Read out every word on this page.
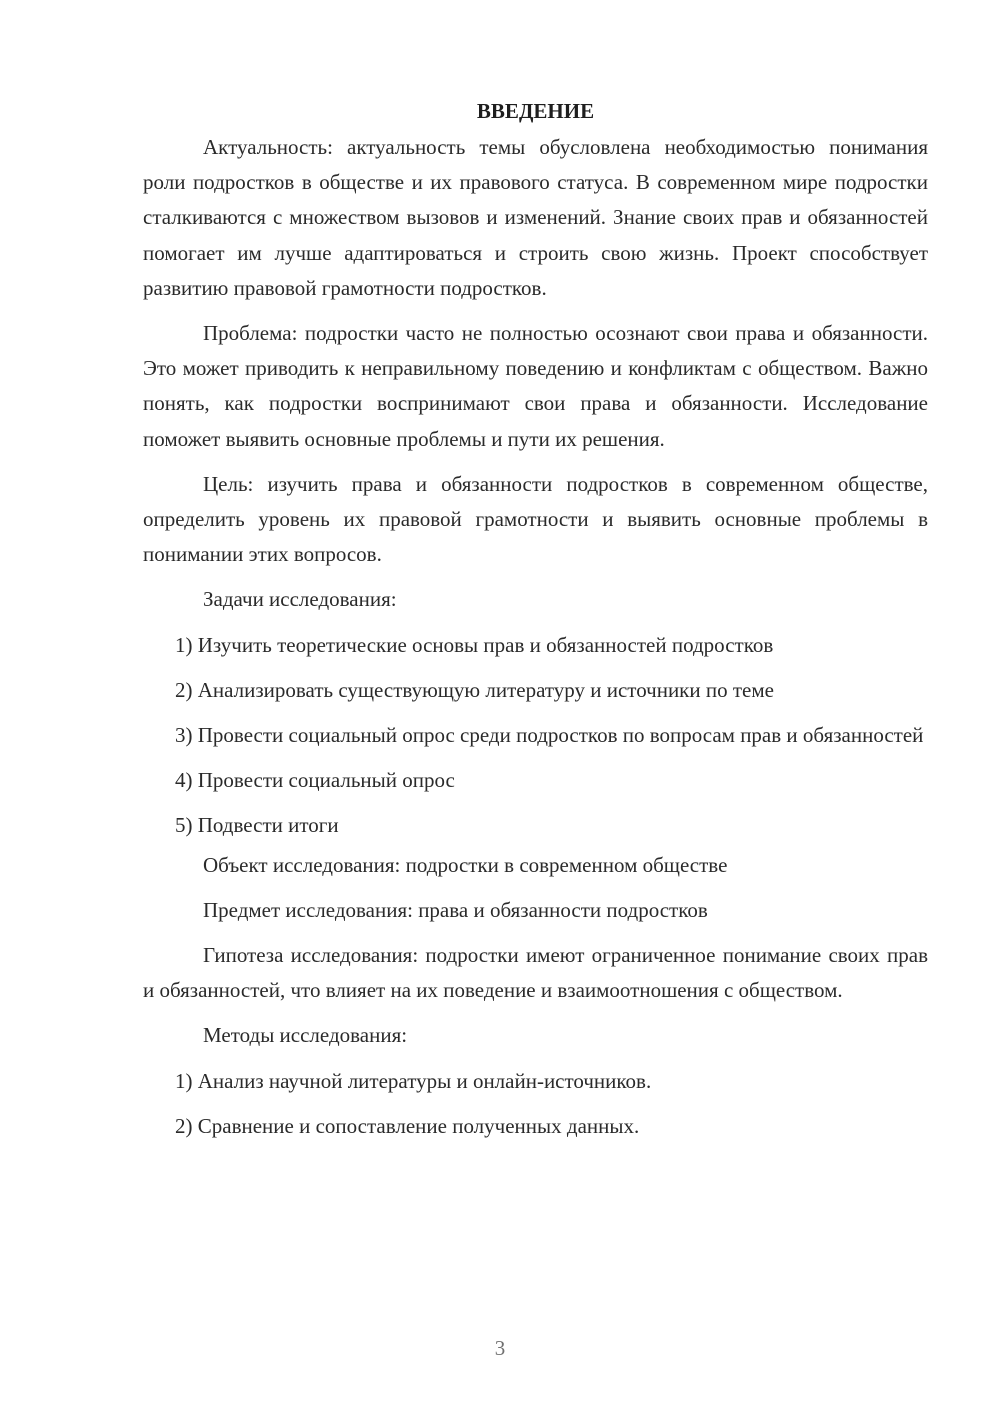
ВВЕДЕНИЕ

Актуальность: актуальность темы обусловлена необходимостью понимания роли подростков в обществе и их правового статуса. В современном мире подростки сталкиваются с множеством вызовов и изменений. Знание своих прав и обязанностей помогает им лучше адаптироваться и строить свою жизнь. Проект способствует развитию правовой грамотности подростков.

Проблема: подростки часто не полностью осознают свои права и обязанности. Это может приводить к неправильному поведению и конфликтам с обществом. Важно понять, как подростки воспринимают свои права и обязанности. Исследование поможет выявить основные проблемы и пути их решения.

Цель: изучить права и обязанности подростков в современном обществе, определить уровень их правовой грамотности и выявить основные проблемы в понимании этих вопросов.

Задачи исследования:

1) Изучить теоретические основы прав и обязанностей подростков

2) Анализировать существующую литературу и источники по теме

3) Провести социальный опрос среди подростков по вопросам прав и обязанностей

4) Провести социальный опрос

5) Подвести итоги

Объект исследования: подростки в современном обществе

Предмет исследования: права и обязанности подростков

Гипотеза исследования: подростки имеют ограниченное понимание своих прав и обязанностей, что влияет на их поведение и взаимоотношения с обществом.

Методы исследования:

1) Анализ научной литературы и онлайн-источников.

2) Сравнение и сопоставление полученных данных.

3
